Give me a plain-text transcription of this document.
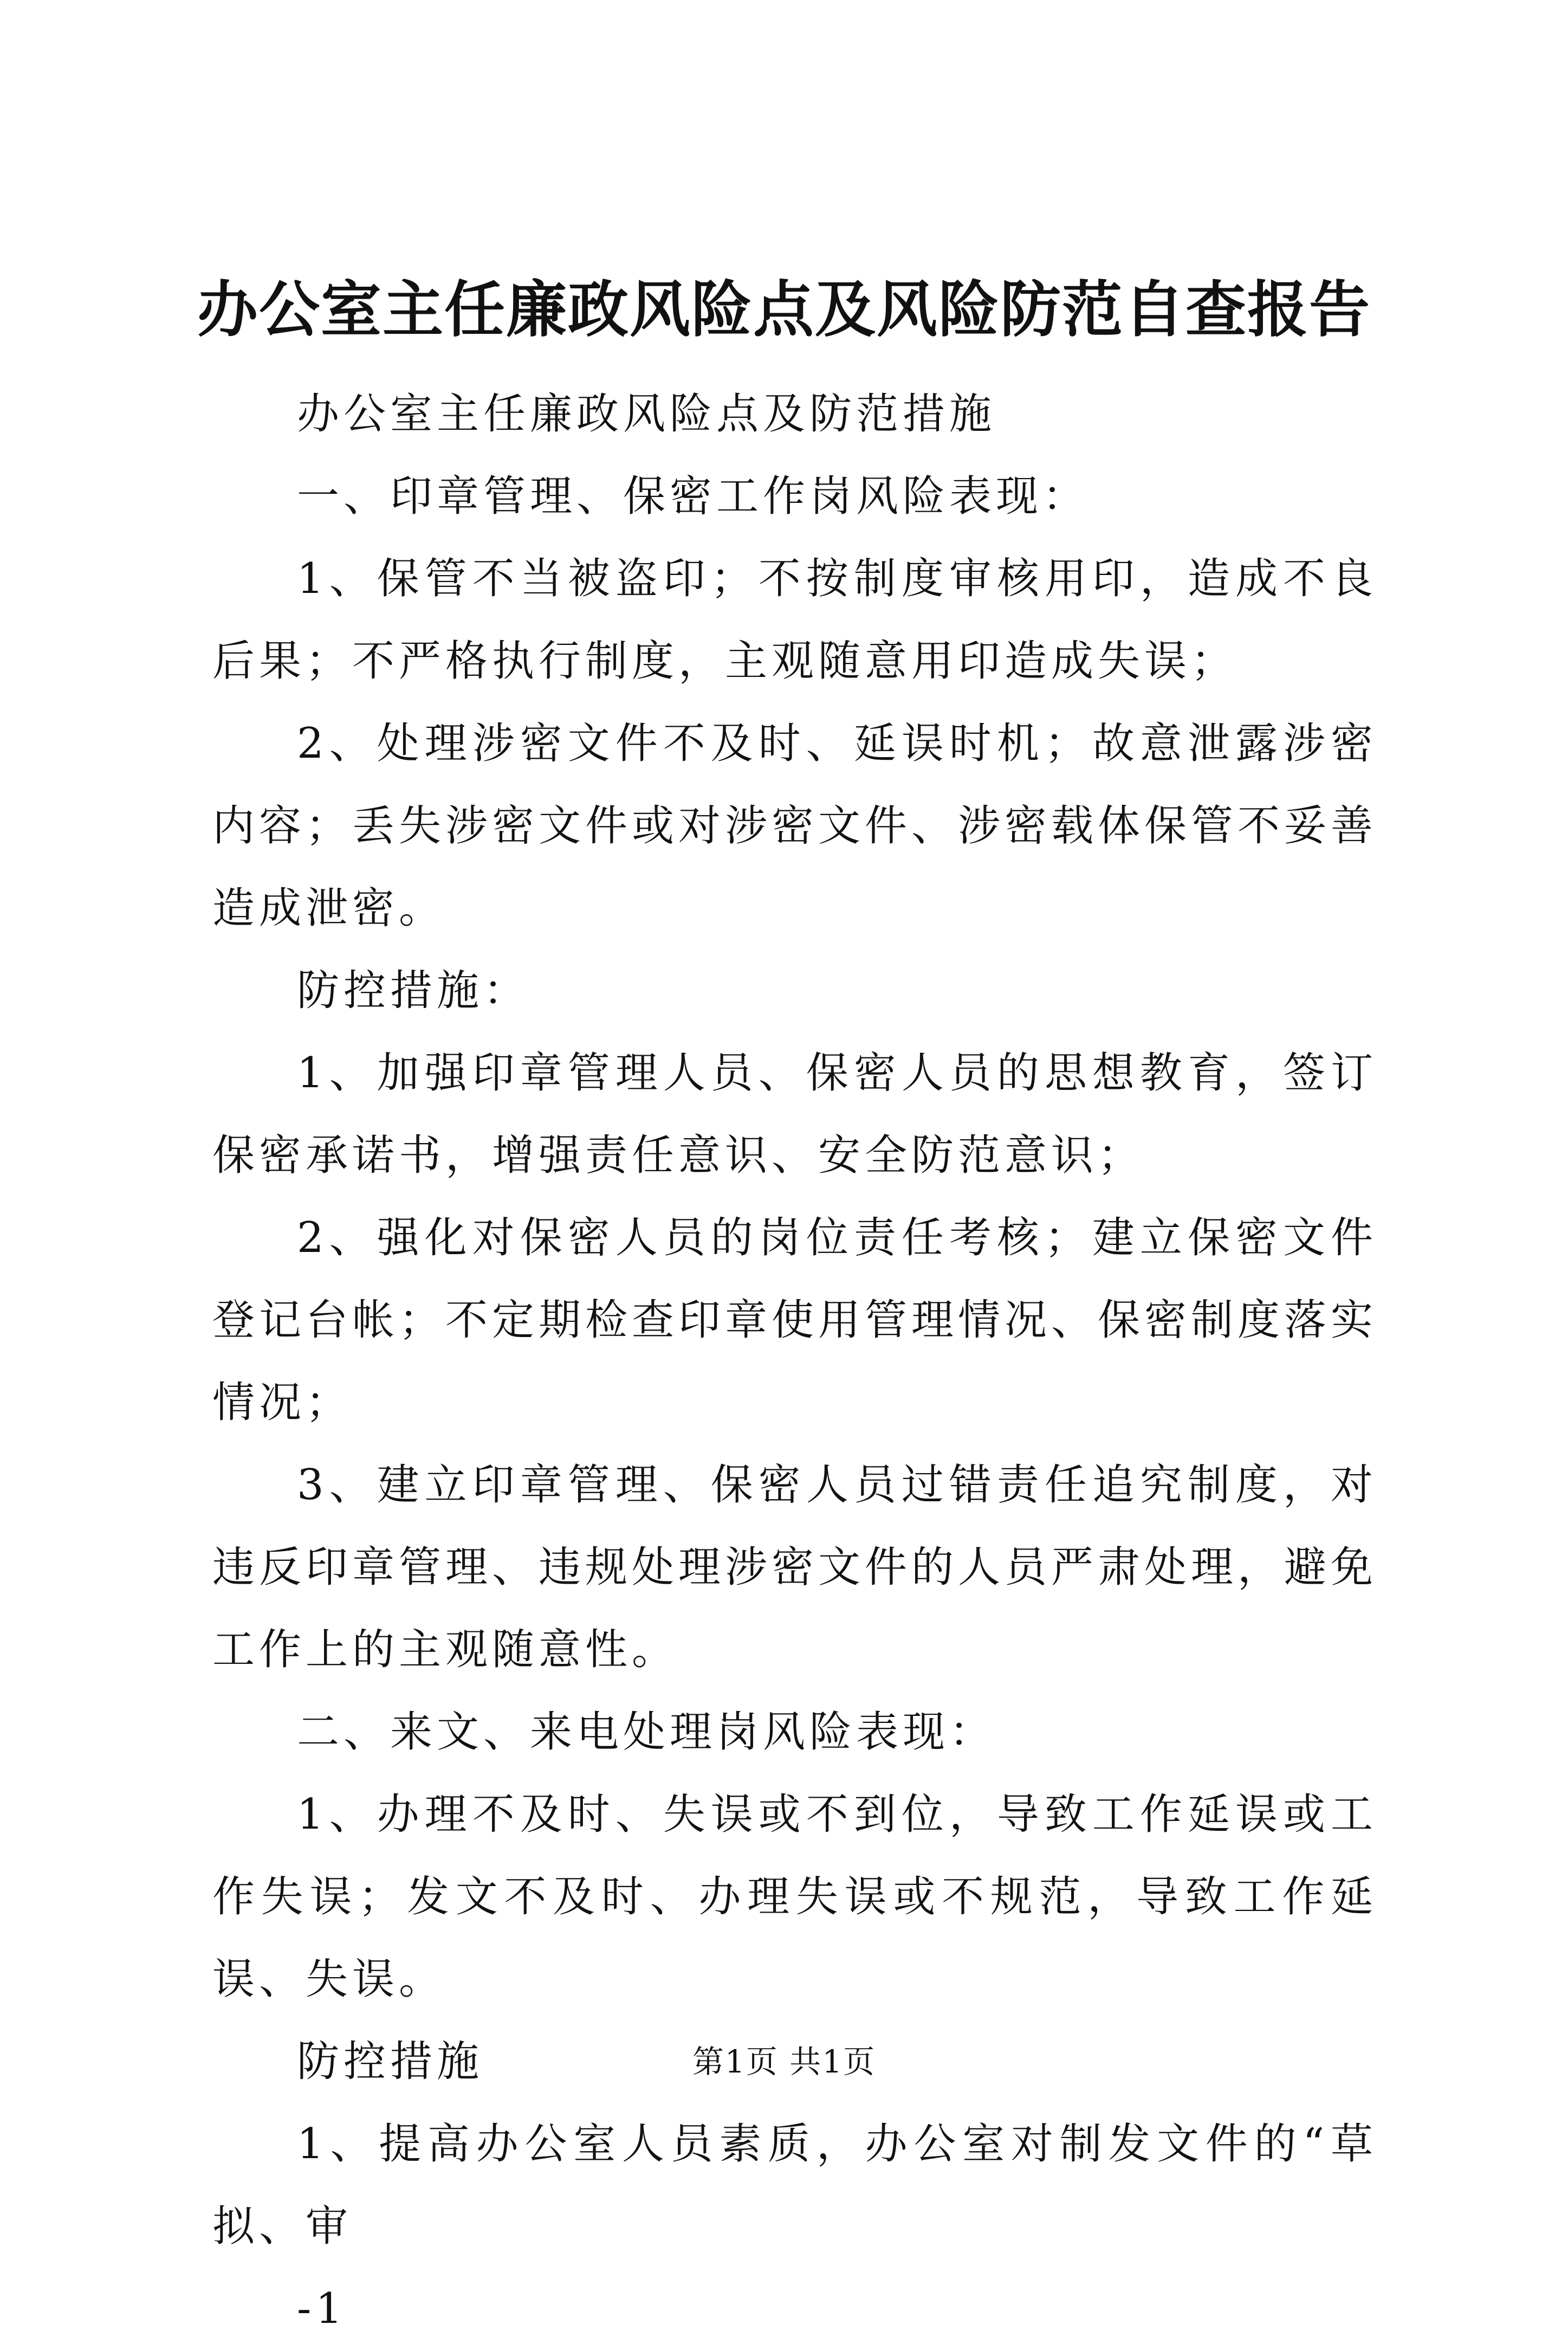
办公室主任廉政风险点及风险防范自查报告

办公室主任廉政风险点及防范措施

一、印章管理、保密工作岗风险表现：

1、保管不当被盗印；不按制度审核用印，造成不良后果；不严格执行制度，主观随意用印造成失误；

2、处理涉密文件不及时、延误时机；故意泄露涉密内容；丢失涉密文件或对涉密文件、涉密载体保管不妥善造成泄密。

防控措施：

1、加强印章管理人员、保密人员的思想教育，签订保密承诺书，增强责任意识、安全防范意识；

2、强化对保密人员的岗位责任考核；建立保密文件登记台帐；不定期检查印章使用管理情况、保密制度落实情况；

3、建立印章管理、保密人员过错责任追究制度，对违反印章管理、违规处理涉密文件的人员严肃处理，避免工作上的主观随意性。

二、来文、来电处理岗风险表现：

1、办理不及时、失误或不到位，导致工作延误或工作失误；发文不及时、办理失误或不规范，导致工作延误、失误。

防控措施

1、提高办公室人员素质，办公室对制发文件的“草拟、审

-1

第1页 共1页
